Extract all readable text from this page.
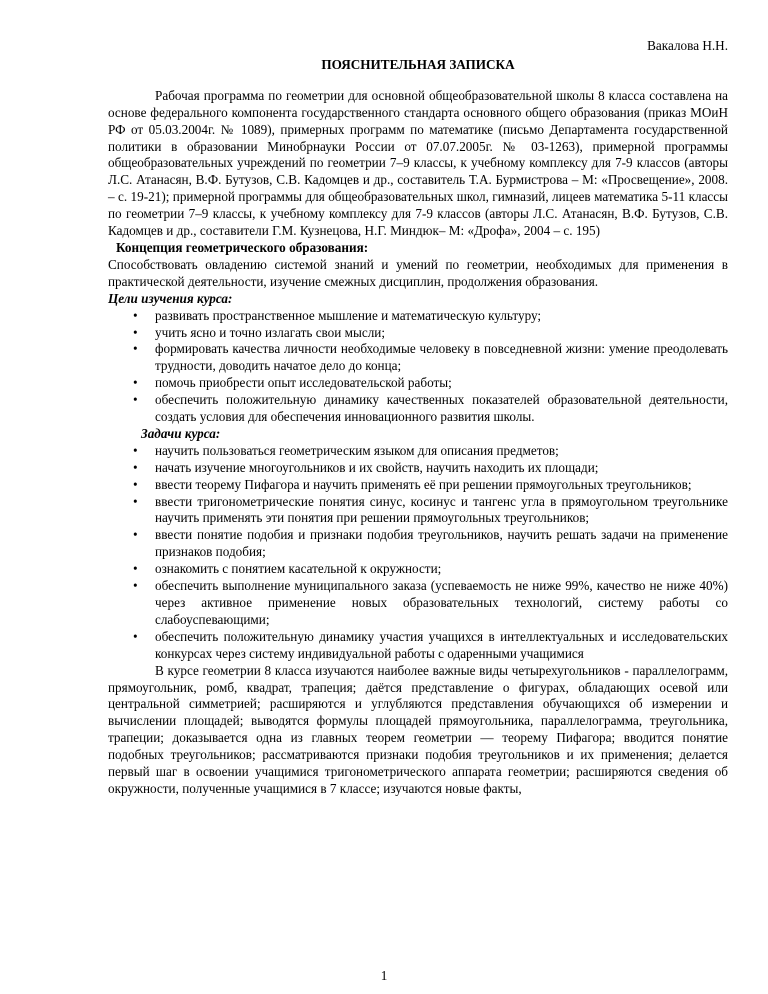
Вакалова Н.Н.

ПОЯСНИТЕЛЬНАЯ ЗАПИСКА

Рабочая программа по геометрии для основной общеобразовательной школы 8 класса составлена на основе федерального компонента государственного стандарта основного общего образования (приказ МОиН РФ от 05.03.2004г. № 1089), примерных программ по математике (письмо Департамента государственной политики в образовании Минобрнауки России от 07.07.2005г. № 03-1263), примерной программы общеобразовательных учреждений по геометрии 7–9 классы, к учебному комплексу для 7-9 классов (авторы Л.С. Атанасян, В.Ф. Бутузов, С.В. Кадомцев и др., составитель Т.А. Бурмистрова – М: «Просвещение», 2008. – с. 19-21); примерной программы для общеобразовательных школ, гимназий, лицеев математика 5-11 классы по геометрии 7–9 классы, к учебному комплексу для 7-9 классов (авторы Л.С. Атанасян, В.Ф. Бутузов, С.В. Кадомцев и др., составители Г.М. Кузнецова, Н.Г. Миндюк– М: «Дрофа», 2004 – с. 195)

Концепция геометрического образования:

Способствовать овладению системой знаний и умений по геометрии, необходимых для применения в практической деятельности, изучение смежных дисциплин, продолжения образования.

Цели изучения курса:

• развивать пространственное мышление и математическую культуру;
• учить ясно и точно излагать свои мысли;
• формировать качества личности необходимые человеку в повседневной жизни: умение преодолевать трудности, доводить начатое дело до конца;
• помочь приобрести опыт исследовательской работы;
• обеспечить положительную динамику качественных показателей образовательной деятельности, создать условия для обеспечения инновационного развития школы.

Задачи курса:

• научить пользоваться геометрическим языком для описания предметов;
• начать изучение многоугольников и их свойств, научить находить их площади;
• ввести теорему Пифагора и научить применять её при решении прямоугольных треугольников;
• ввести тригонометрические понятия синус, косинус и тангенс угла в прямоугольном треугольнике научить применять эти понятия при решении прямоугольных треугольников;
• ввести понятие подобия и признаки подобия треугольников, научить решать задачи на применение признаков подобия;
• ознакомить с понятием касательной к окружности;
• обеспечить выполнение муниципального заказа (успеваемость не ниже 99%, качество не ниже 40%) через активное применение новых образовательных технологий, систему работы со слабоуспевающими;
• обеспечить положительную динамику участия учащихся в интеллектуальных и исследовательских конкурсах через систему индивидуальной работы с одаренными учащимися

В курсе геометрии 8 класса изучаются наиболее важные виды четырехугольников - параллелограмм, прямоугольник, ромб, квадрат, трапеция; даётся представление о фигурах, обладающих осевой или центральной симметрией; расширяются и углубляются представления обучающихся об измерении и вычислении площадей; выводятся формулы площадей прямоугольника, параллелограмма, треугольника, трапеции; доказывается одна из главных теорем геометрии — теорему Пифагора; вводится понятие подобных треугольников; рассматриваются признаки подобия треугольников и их применения; делается первый шаг в освоении учащимися тригонометрического аппарата геометрии; расширяются сведения об окружности, полученные учащимися в 7 классе; изучаются новые факты,

1
